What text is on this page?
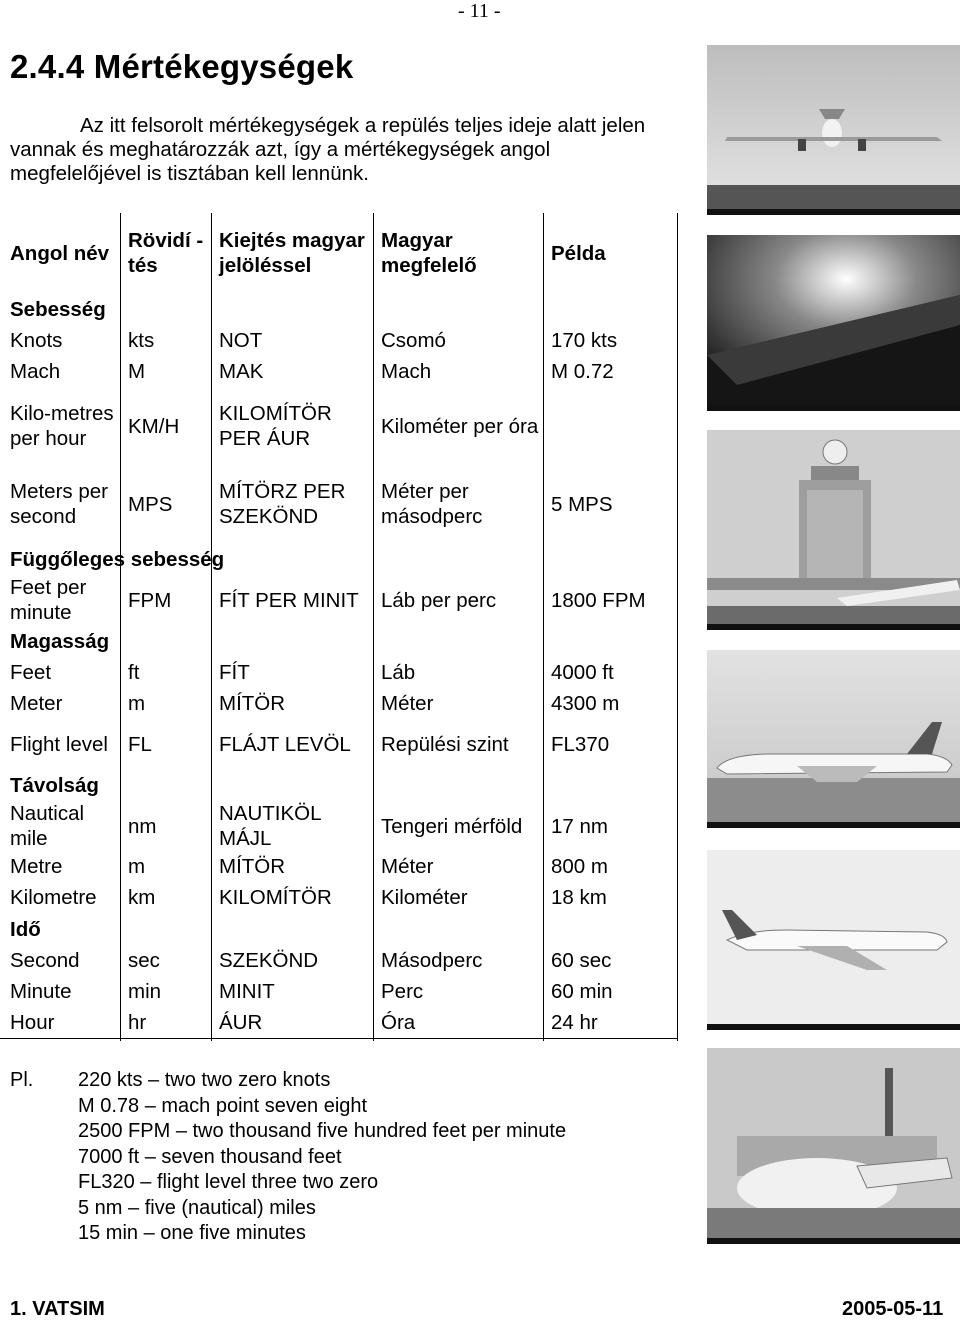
- 11 -
2.4.4 Mértékegységek

Az itt felsorolt mértékegységek a repülés teljes ideje alatt jelen vannak és meghatározzák azt, így a mértékegységek angol megfelelőjével is tisztában kell lennünk.

Angol név	Rövidí -tés	Kiejtés magyar jelöléssel	Magyar megfelelő	Példa
Sebesség				
Knots	kts	NOT	Csomó	170 kts
Mach	M	MAK	Mach	M 0.72
Kilo-metres per hour	KM/H	KILOMÍTÖR PER ÁUR	Kilométer per óra	
Meters per second	MPS	MÍTÖRZ PER SZEKÖND	Méter per másodperc	5 MPS
Függőleges sebesség				
Feet per minute	FPM	FÍT PER MINIT	Láb per perc	1800 FPM
Magasság				
Feet	ft	FÍT	Láb	4000 ft
Meter	m	MÍTÖR	Méter	4300 m
Flight level	FL	FLÁJT LEVÖL	Repülési szint	FL370
Távolság				
Nautical mile	nm	NAUTIKÖL MÁJL	Tengeri mérföld	17 nm
Metre	m	MÍTÖR	Méter	800 m
Kilometre	km	KILOMÍTÖR	Kilométer	18 km
Idő				
Second	sec	SZEKÖND	Másodperc	60 sec
Minute	min	MINIT	Perc	60 min
Hour	hr	ÁUR	Óra	24 hr
Pl. 220 kts – two two zero knots
M 0.78 – mach point seven eight
2500 FPM – two thousand five hundred feet per minute
7000 ft – seven thousand feet
FL320 – flight level three two zero
5 nm – five (nautical) miles
15 min – one five minutes
1. VATSIM	2005-05-11
